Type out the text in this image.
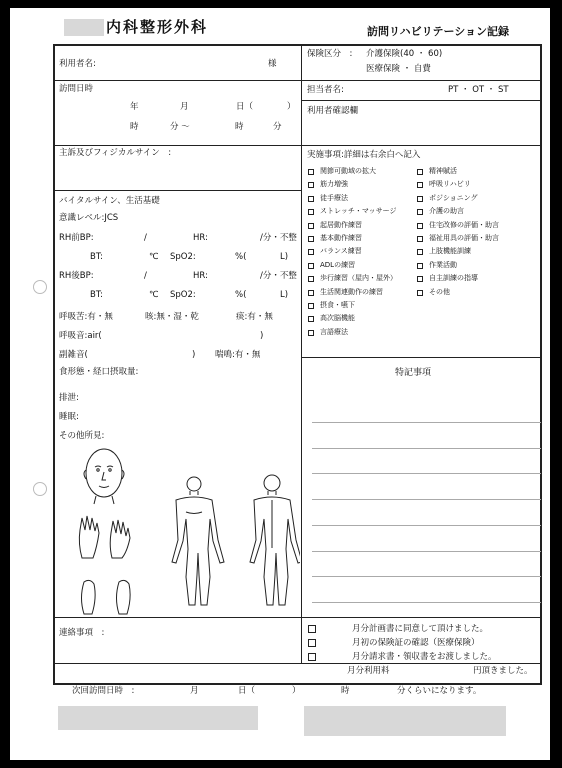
内科整形外科	訪問リハビリテーション記録
利用者名:	様
訪問日時
年	月	日（	）
時	分 〜	時	分
主訴及びフィジカルサイン　:
バイタルサイン、生活基礎
意識レベル:JCS
RH前BP:	/	HR:	/分・不整
BT:	℃ SpO2:	%(	L)
RH後BP:	/	HR:	/分・不整
BT:	℃ SpO2:	%(	L)
呼吸苦:有・無	咳:無・湿・乾	痰:有・無
呼吸音:air(	)
副雑音(	) 喘鳴:有・無
食形態・経口摂取量:
排泄:
睡眠:
その他所見:
保険区分　: 介護保険(40 ・ 60)
医療保険 ・ 自費
担当者名:	PT ・ OT ・ ST
利用者確認欄
実施事項:詳細は右余白へ記入
関節可動域の拡大
筋力増強
徒手療法
ストレッチ・マッサージ
起居動作練習
基本動作練習
バランス練習
ADLの練習
歩行練習（屋内・屋外）
生活関連動作の練習
摂食・嚥下
高次脳機能
言語療法
精神賦活
呼吸リハビリ
ポジショニング
介護の助言
住宅改修の評価・助言
福祉用具の評価・助言
上肢機能訓練
作業活動
自主訓練の指導
その他
特記事項
連絡事項　:	月分計画書に同意して頂けました。
月初の保険証の確認（医療保険）
月分請求書・領収書をお渡しました。
月分利用料	円頂きました。
次回訪問日時　:	月	日（	）	時	分くらいになります。
